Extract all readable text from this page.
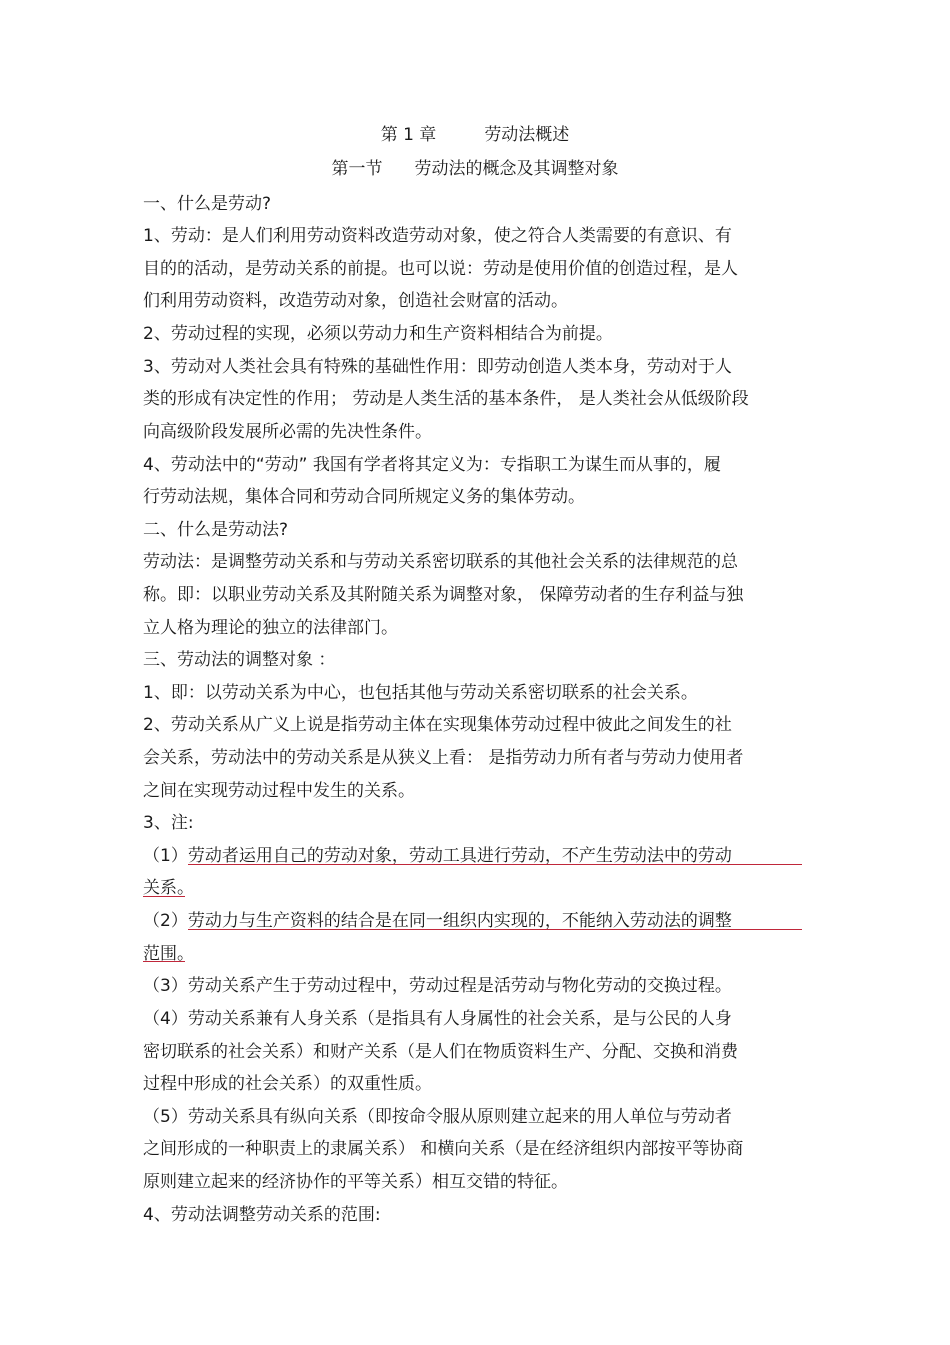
第 1 章	劳动法概述

第一节 劳动法的概念及其调整对象

一、什么是劳动?

1、劳动：是人们利用劳动资料改造劳动对象，使之符合人类需要的有意识、有

目的的活动，是劳动关系的前提。也可以说：劳动是使用价值的创造过程，是人

们利用劳动资料，改造劳动对象，创造社会财富的活动。

2、劳动过程的实现，必须以劳动力和生产资料相结合为前提。

3、劳动对人类社会具有特殊的基础性作用：即劳动创造人类本身，劳动对于人

类的形成有决定性的作用； 劳动是人类生活的基本条件， 是人类社会从低级阶段

向高级阶段发展所必需的先决性条件。

4、劳动法中的“劳动” 我国有学者将其定义为：专指职工为谋生而从事的，履

行劳动法规，集体合同和劳动合同所规定义务的集体劳动。

二、什么是劳动法?

劳动法：是调整劳动关系和与劳动关系密切联系的其他社会关系的法律规范的总

称。即：以职业劳动关系及其附随关系为调整对象， 保障劳动者的生存利益与独

立人格为理论的独立的法律部门。

三、劳动法的调整对象 ：

1、即：以劳动关系为中心，也包括其他与劳动关系密切联系的社会关系。

2、劳动关系从广义上说是指劳动主体在实现集体劳动过程中彼此之间发生的社

会关系，劳动法中的劳动关系是从狭义上看： 是指劳动力所有者与劳动力使用者

之间在实现劳动过程中发生的关系。

3、注:

（1）劳动者运用自己的劳动对象，劳动工具进行劳动，不产生劳动法中的劳动

关系。

（2）劳动力与生产资料的结合是在同一组织内实现的，不能纳入劳动法的调整

范围。

（3）劳动关系产生于劳动过程中，劳动过程是活劳动与物化劳动的交换过程。

（4）劳动关系兼有人身关系（是指具有人身属性的社会关系，是与公民的人身

密切联系的社会关系）和财产关系（是人们在物质资料生产、分配、交换和消费

过程中形成的社会关系）的双重性质。

（5）劳动关系具有纵向关系（即按命令服从原则建立起来的用人单位与劳动者

之间形成的一种职责上的隶属关系） 和横向关系（是在经济组织内部按平等协商

原则建立起来的经济协作的平等关系）相互交错的特征。

4、劳动法调整劳动关系的范围:
